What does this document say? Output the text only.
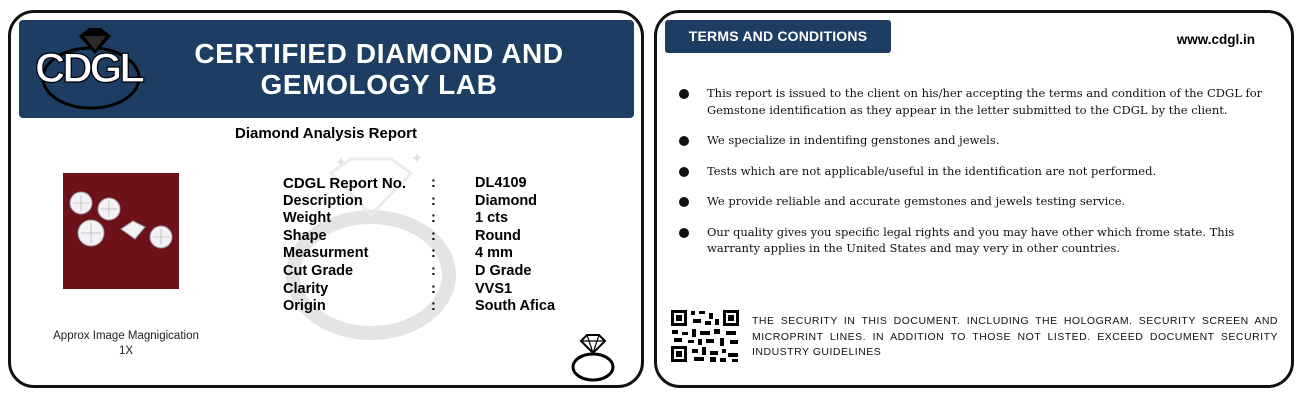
CDGL	CERTIFIED DIAMOND AND GEMOLOGY LAB
Diamond Analysis Report
✦	✦
Approx Image Magnigication 1X
CDGL Report No. :	DL4109
Description	:	Diamond
Weight	:	1 cts
Shape	:	Round
Measurment	:	4 mm
Cut Grade	:	D Grade
Clarity	:	VVS1
Origin	:	South Afica
TERMS AND CONDITIONS	www.cdgl.in
This report is issued to the client on his/her accepting the terms and condition of the CDGL for Gemstone identification as they appear in the letter submitted to the CDGL by the client.
We specialize in indentifing genstones and jewels.
Tests which are not applicable/useful in the identification are not performed.
We provide reliable and accurate gemstones and jewels testing service.
Our quality gives you specific legal rights and you may have other which frome state. This warranty applies in the United States and may very in other countries.
THE SECURITY IN THIS DOCUMENT. INCLUDING THE HOLOGRAM. SECURITY SCREEN AND MICROPRINT LINES. IN ADDITION TO THOSE NOT LISTED. EXCEED DOCUMENT SECURITY INDUSTRY GUIDELINES
